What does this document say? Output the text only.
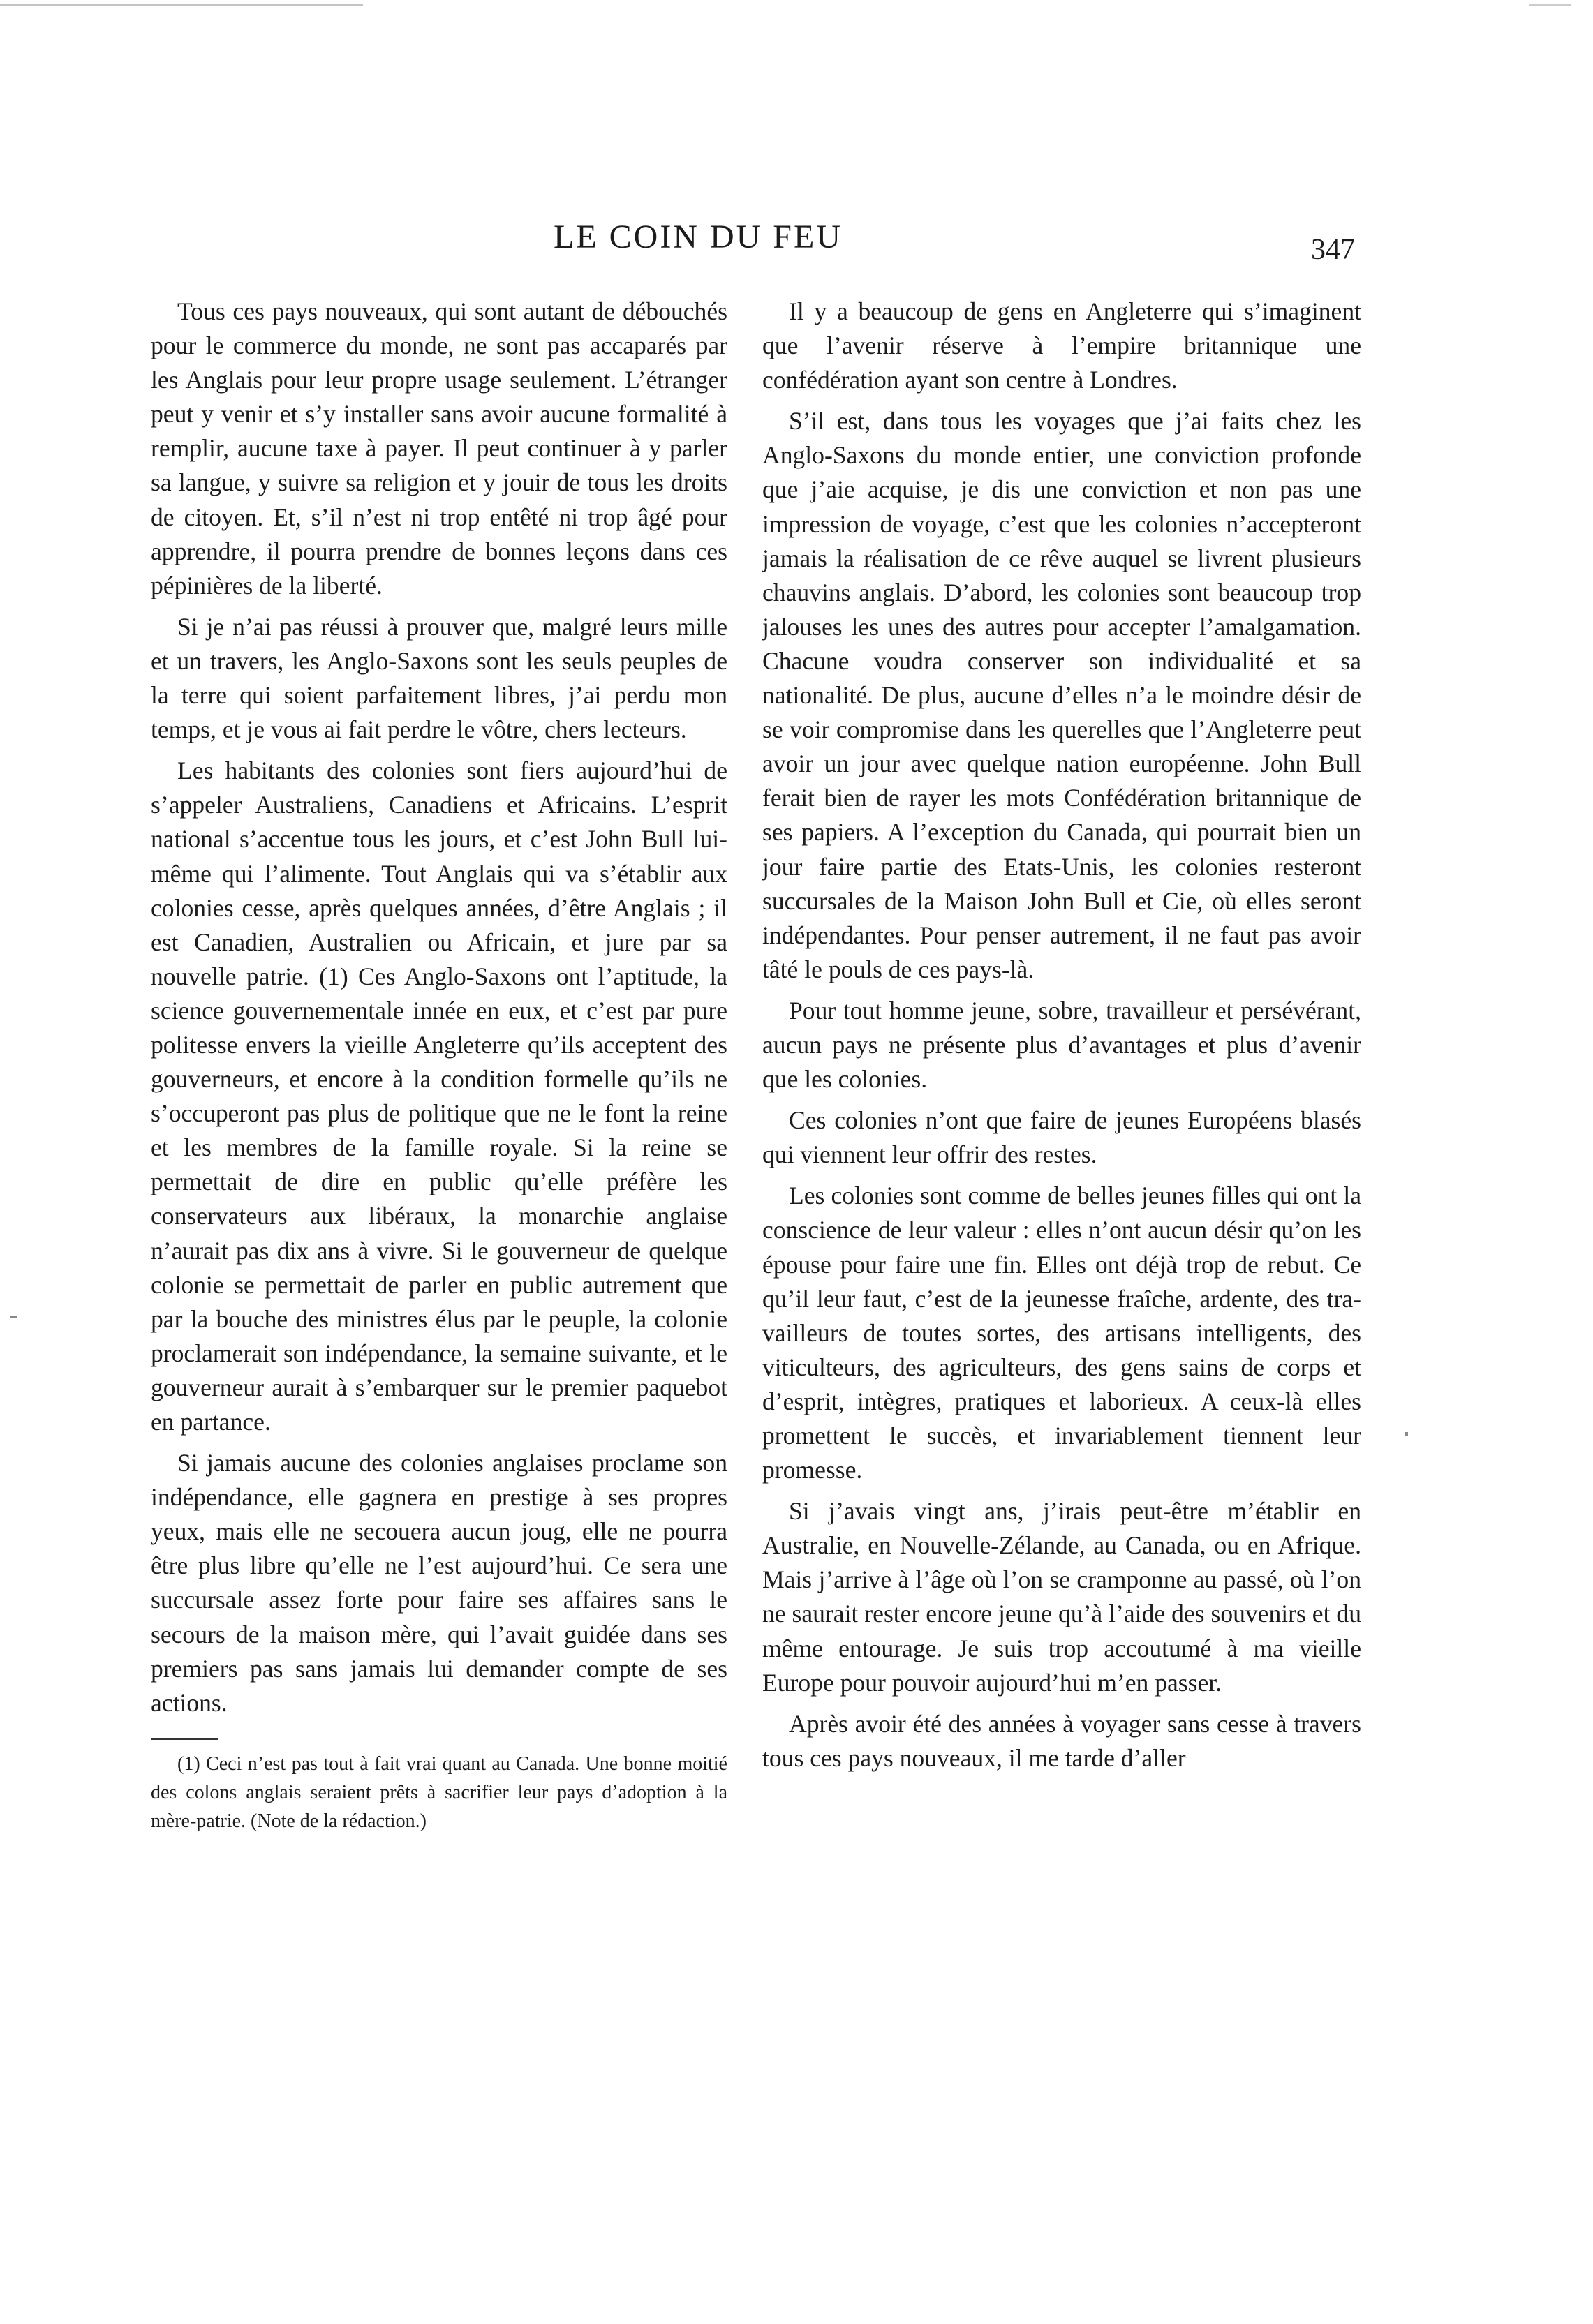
LE COIN DU FEU	347

Tous ces pays nouveaux, qui sont autant de débouchés pour le commerce du monde, ne sont pas accaparés par les Anglais pour leur propre usage seulement. L’étranger peut y venir et s’y installer sans avoir aucune formalité à remplir, aucune taxe à payer. Il peut continuer à y parler sa langue, y suivre sa religion et y jouir de tous les droits de citoyen. Et, s’il n’est ni trop entêté ni trop âgé pour apprendre, il pourra prendre de bonnes leçons dans ces pépinières de la liberté.

Si je n’ai pas réussi à prouver que, malgré leurs mille et un travers, les Anglo-Saxons sont les seuls peuples de la terre qui soient parfaitement libres, j’ai perdu mon temps, et je vous ai fait perdre le vôtre, chers lecteurs.

Les habitants des colonies sont fiers aujourd’hui de s’appeler Australiens, Canadiens et Africains. L’esprit national s’accentue tous les jours, et c’est John Bull lui-même qui l’alimente. Tout Anglais qui va s’établir aux colonies cesse, après quelques années, d’être Anglais ; il est Canadien, Australien ou Africain, et jure par sa nouvelle patrie. (1) Ces Anglo-Saxons ont l’aptitude, la science gouvernementale innée en eux, et c’est par pure politesse envers la vieille Angleterre qu’ils acceptent des gouverneurs, et encore à la condition formelle qu’ils ne s’occuperont pas plus de politique que ne le font la reine et les membres de la famille royale. Si la reine se permettait de dire en public qu’elle préfère les conservateurs aux libéraux, la monarchie anglaise n’aurait pas dix ans à vivre. Si le gouverneur de quelque colonie se permettait de parler en public autrement que par la bouche des ministres élus par le peuple, la colonie proclamerait son indépendance, la semaine suivante, et le gouverneur aurait à s’embarquer sur le premier paquebot en partance.

Si jamais aucune des colonies anglaises proclame son indépendance, elle gagnera en prestige à ses propres yeux, mais elle ne secouera aucun joug, elle ne pourra être plus libre qu’elle ne l’est aujourd’hui. Ce sera une succursale assez forte pour faire ses affaires sans le secours de la maison mère, qui l’avait guidée dans ses premiers pas sans jamais lui demander compte de ses actions.

(1) Ceci n’est pas tout à fait vrai quant au Canada. Une bonne moitié des colons anglais seraient prêts à sacrifier leur pays d’adoption à la mère-patrie. (Note de la rédaction.)

Il y a beaucoup de gens en Angleterre qui s’imaginent que l’avenir réserve à l’empire britannique une confédération ayant son centre à Londres.

S’il est, dans tous les voyages que j’ai faits chez les Anglo-Saxons du monde entier, une conviction profonde que j’aie acquise, je dis une conviction et non pas une impression de voyage, c’est que les colonies n’accepteront jamais la réalisation de ce rêve auquel se livrent plusieurs chauvins anglais. D’abord, les colonies sont beaucoup trop jalouses les unes des autres pour accepter l’amalgamation. Chacune voudra conserver son individualité et sa nationalité. De plus, aucune d’elles n’a le moindre désir de se voir compromise dans les querelles que l’Angleterre peut avoir un jour avec quelque nation européenne. John Bull ferait bien de rayer les mots Confédération britannique de ses papiers. A l’exception du Canada, qui pourrait bien un jour faire partie des Etats-Unis, les colonies resteront succursales de la Maison John Bull et Cie, où elles seront indépendantes. Pour penser autrement, il ne faut pas avoir tâté le pouls de ces pays-là.

Pour tout homme jeune, sobre, travailleur et persévérant, aucun pays ne présente plus d’avantages et plus d’avenir que les colonies.

Ces colonies n’ont que faire de jeunes Européens blasés qui viennent leur offrir des restes.

Les colonies sont comme de belles jeunes filles qui ont la conscience de leur valeur : elles n’ont aucun désir qu’on les épouse pour faire une fin. Elles ont déjà trop de rebut. Ce qu’il leur faut, c’est de la jeunesse fraîche, ardente, des travailleurs de toutes sortes, des artisans intelligents, des viticulteurs, des agriculteurs, des gens sains de corps et d’esprit, intègres, pratiques et laborieux. A ceux-là elles promettent le succès, et invariablement tiennent leur promesse.

Si j’avais vingt ans, j’irais peut-être m’établir en Australie, en Nouvelle-Zélande, au Canada, ou en Afrique. Mais j’arrive à l’âge où l’on se cramponne au passé, où l’on ne saurait rester encore jeune qu’à l’aide des souvenirs et du même entourage. Je suis trop accoutumé à ma vieille Europe pour pouvoir aujourd’hui m’en passer.

Après avoir été des années à voyager sans cesse à travers tous ces pays nouveaux, il me tarde d’aller
